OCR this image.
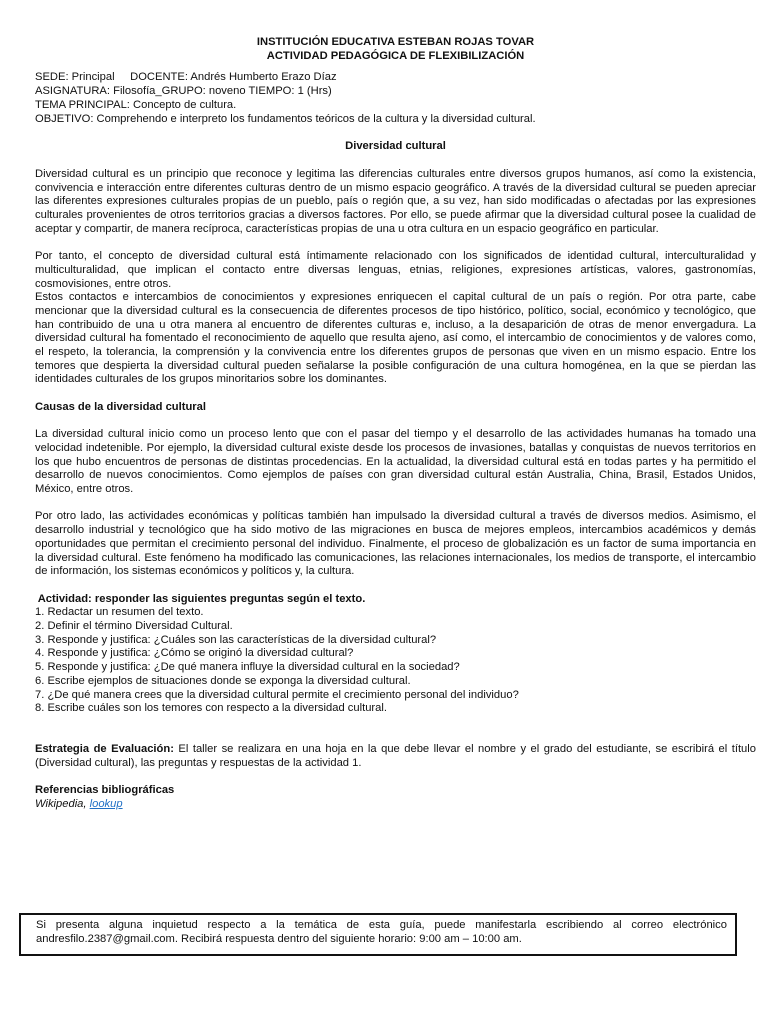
INSTITUCIÓN EDUCATIVA ESTEBAN ROJAS TOVAR
ACTIVIDAD PEDAGÓGICA DE FLEXIBILIZACIÓN
SEDE: Principal     DOCENTE: Andrés Humberto Erazo Díaz
ASIGNATURA: Filosofía_GRUPO: noveno TIEMPO: 1 (Hrs)
TEMA PRINCIPAL: Concepto de cultura.
OBJETIVO: Comprehendo e interpreto los fundamentos teóricos de la cultura y la diversidad cultural.
Diversidad cultural

Diversidad cultural es un principio que reconoce y legitima las diferencias culturales entre diversos grupos humanos, así como la existencia, convivencia e interacción entre diferentes culturas dentro de un mismo espacio geográfico. A través de la diversidad cultural se pueden apreciar las diferentes expresiones culturales propias de un pueblo, país o región que, a su vez, han sido modificadas o afectadas por las expresiones culturales provenientes de otros territorios gracias a diversos factores. Por ello, se puede afirmar que la diversidad cultural posee la cualidad de aceptar y compartir, de manera recíproca, características propias de una u otra cultura en un espacio geográfico en particular.

Por tanto, el concepto de diversidad cultural está íntimamente relacionado con los significados de identidad cultural, interculturalidad y multiculturalidad, que implican el contacto entre diversas lenguas, etnias, religiones, expresiones artísticas, valores, gastronomías, cosmovisiones, entre otros.

Estos contactos e intercambios de conocimientos y expresiones enriquecen el capital cultural de un país o región. Por otra parte, cabe mencionar que la diversidad cultural es la consecuencia de diferentes procesos de tipo histórico, político, social, económico y tecnológico, que han contribuido de una u otra manera al encuentro de diferentes culturas e, incluso, a la desaparición de otras de menor envergadura. La diversidad cultural ha fomentado el reconocimiento de aquello que resulta ajeno, así como, el intercambio de conocimientos y de valores como, el respeto, la tolerancia, la comprensión y la convivencia entre los diferentes grupos de personas que viven en un mismo espacio. Entre los temores que despierta la diversidad cultural pueden señalarse la posible configuración de una cultura homogénea, en la que se pierdan las identidades culturales de los grupos minoritarios sobre los dominantes.

Causas de la diversidad cultural

La diversidad cultural inicio como un proceso lento que con el pasar del tiempo y el desarrollo de las actividades humanas ha tomado una velocidad indetenible. Por ejemplo, la diversidad cultural existe desde los procesos de invasiones, batallas y conquistas de nuevos territorios en los que hubo encuentros de personas de distintas procedencias. En la actualidad, la diversidad cultural está en todas partes y ha permitido el desarrollo de nuevos conocimientos. Como ejemplos de países con gran diversidad cultural están Australia, China, Brasil, Estados Unidos, México, entre otros.

Por otro lado, las actividades económicas y políticas también han impulsado la diversidad cultural a través de diversos medios. Asimismo, el desarrollo industrial y tecnológico que ha sido motivo de las migraciones en busca de mejores empleos, intercambios académicos y demás oportunidades que permitan el crecimiento personal del individuo. Finalmente, el proceso de globalización es un factor de suma importancia en la diversidad cultural. Este fenómeno ha modificado las comunicaciones, las relaciones internacionales, los medios de transporte, el intercambio de información, los sistemas económicos y políticos y, la cultura.

Actividad: responder las siguientes preguntas según el texto.
1. Redactar un resumen del texto.
2. Definir el término Diversidad Cultural.
3. Responde y justifica: ¿Cuáles son las características de la diversidad cultural?
4. Responde y justifica: ¿Cómo se originó la diversidad cultural?
5. Responde y justifica: ¿De qué manera influye la diversidad cultural en la sociedad?
6. Escribe ejemplos de situaciones donde se exponga la diversidad cultural.
7. ¿De qué manera crees que la diversidad cultural permite el crecimiento personal del individuo?
8. Escribe cuáles son los temores con respecto a la diversidad cultural.

Estrategia de Evaluación: El taller se realizara en una hoja en la que debe llevar el nombre y el grado del estudiante, se escribirá el título (Diversidad cultural), las preguntas y respuestas de la actividad 1.

Referencias bibliográficas
Wikipedia, lookup

Si presenta alguna inquietud respecto a la temática de esta guía, puede manifestarla escribiendo al correo electrónico andresfilo.2387@gmail.com. Recibirá respuesta dentro del siguiente horario: 9:00 am – 10:00 am.
